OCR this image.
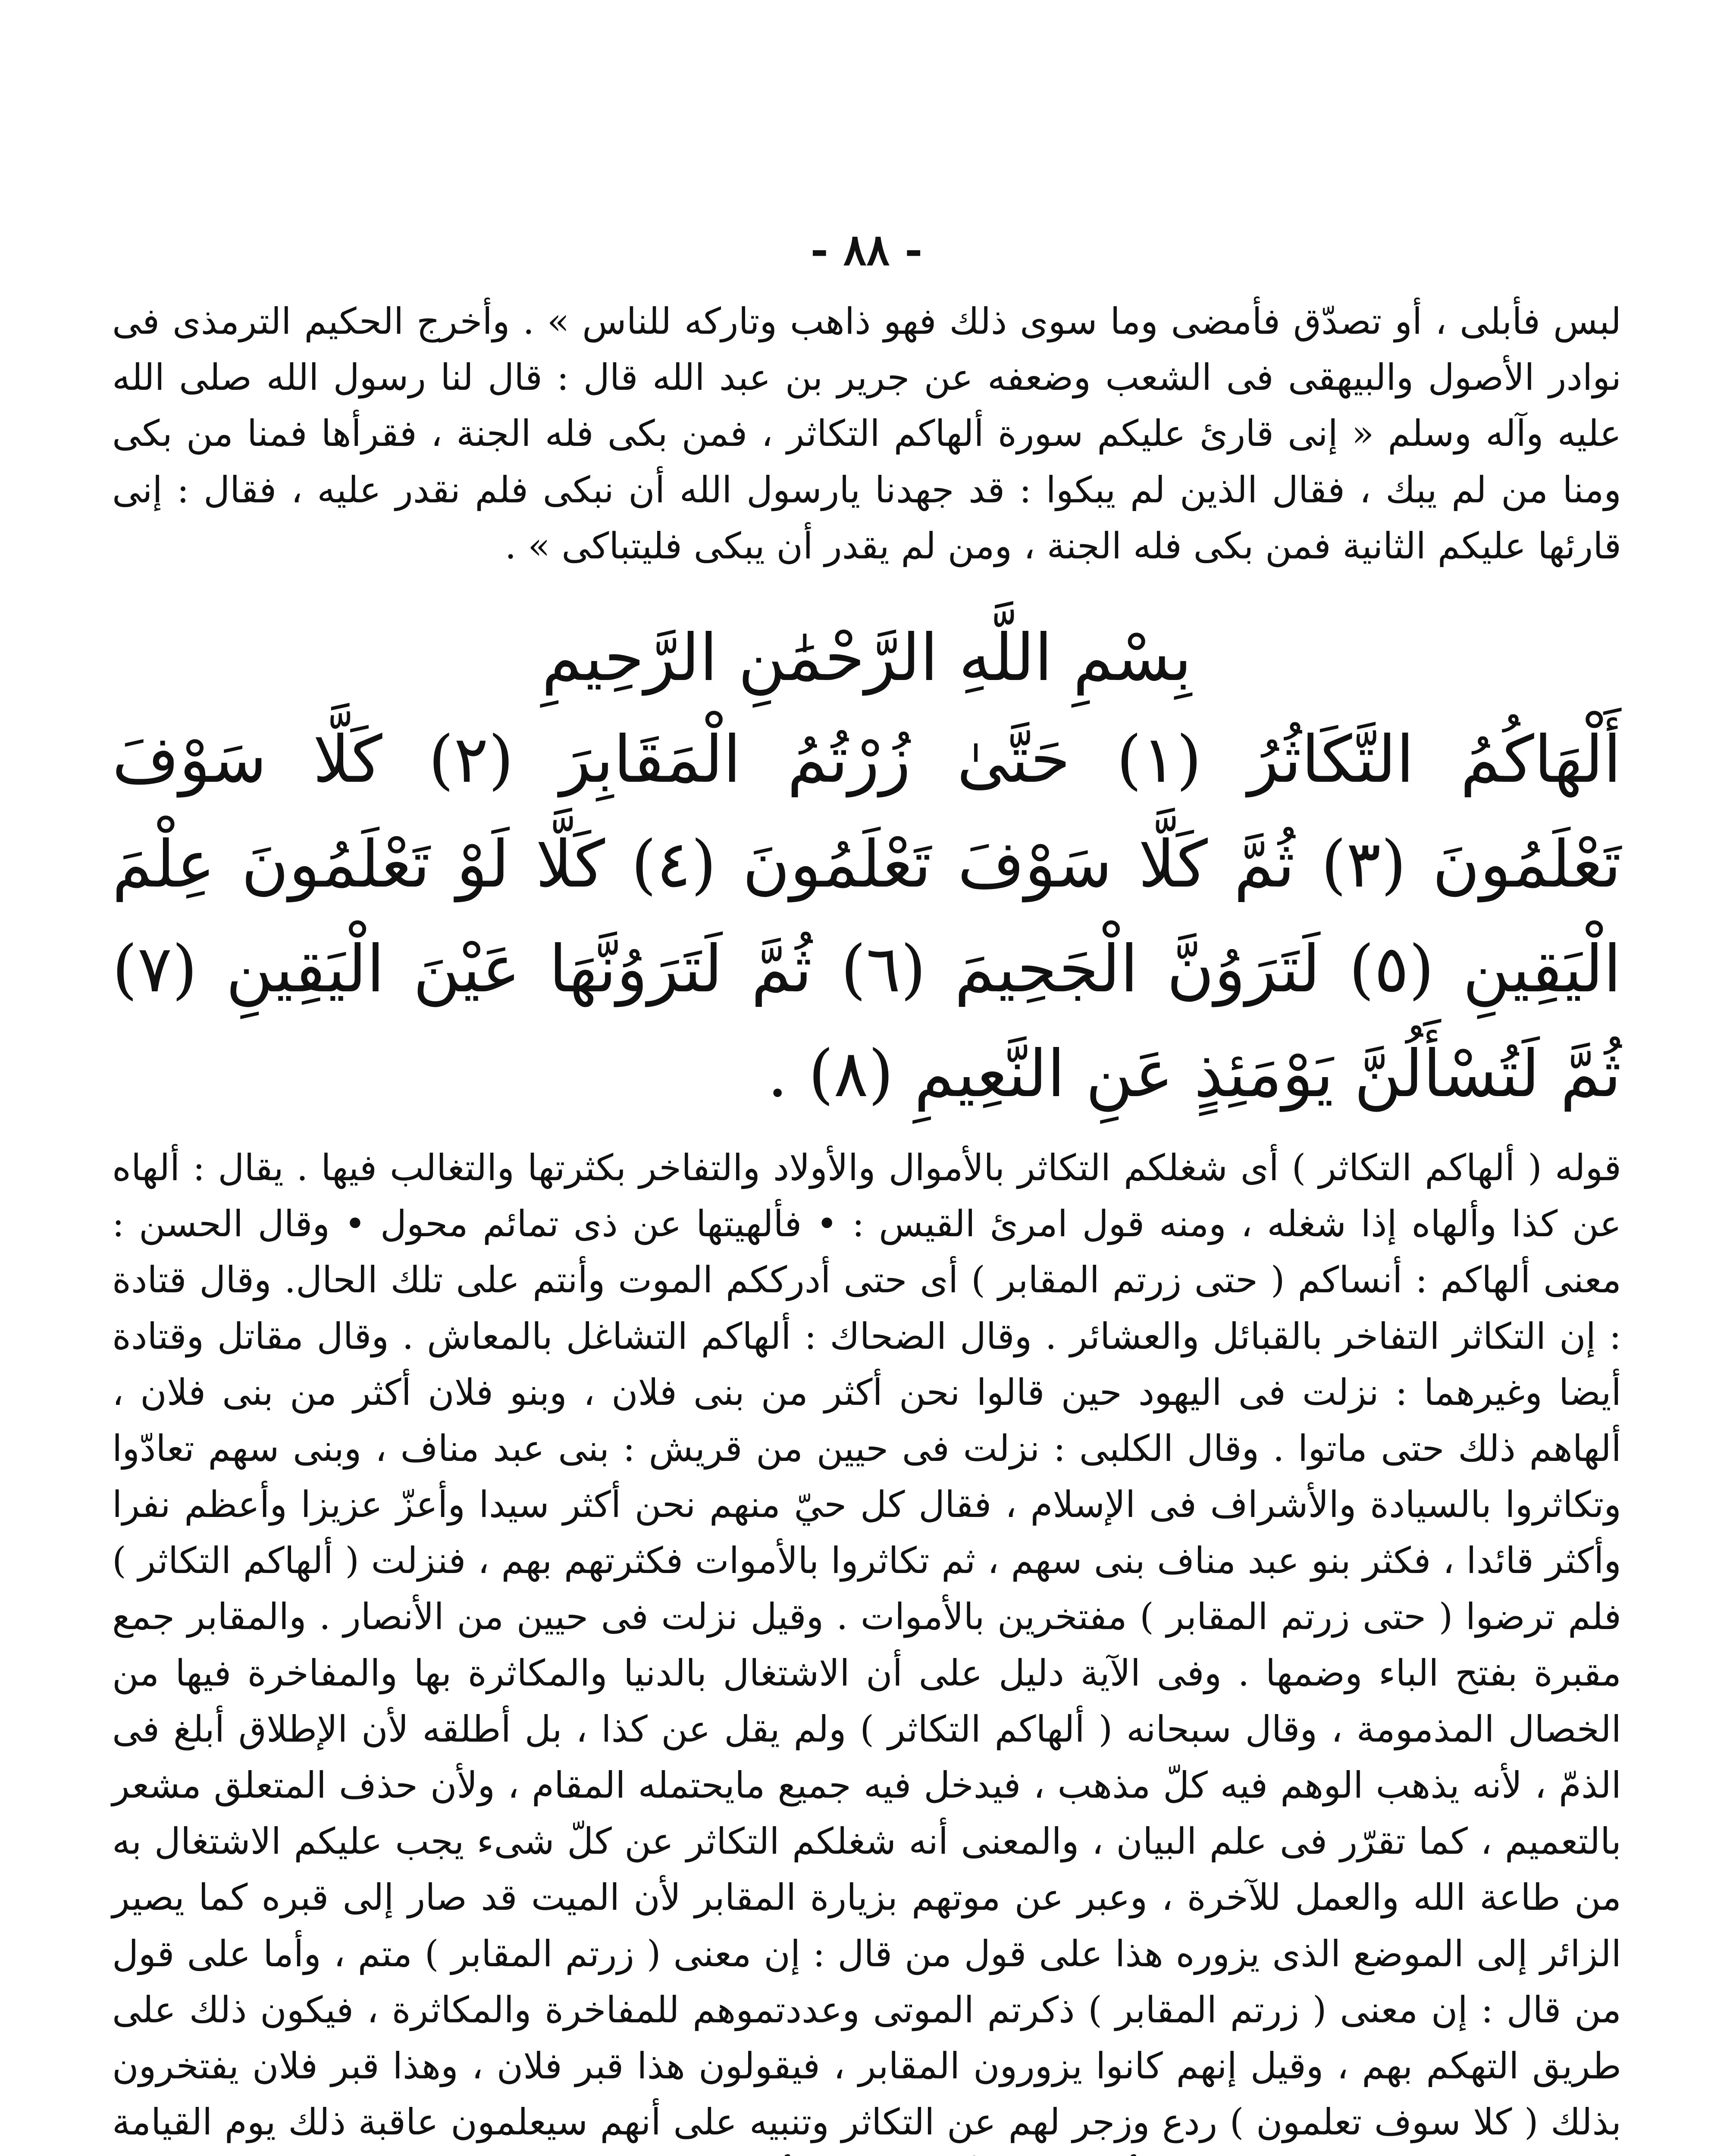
- ٨٨ -

لبس فأبلى ، أو تصدّق فأمضى وما سوى ذلك فهو ذاهب وتاركه للناس » . وأخرج الحكيم الترمذى فى نوادر الأصول والبيهقى فى الشعب وضعفه عن جرير بن عبد الله قال : قال لنا رسول الله صلى الله عليه وآله وسلم « إنى قارئ عليكم سورة ألهاكم التكاثر ، فمن بكى فله الجنة ، فقرأها فمنا من بكى ومنا من لم يبك ، فقال الذين لم يبكوا : قد جهدنا يارسول الله أن نبكى فلم نقدر عليه ، فقال : إنى قارئها عليكم الثانية فمن بكى فله الجنة ، ومن لم يقدر أن يبكى فليتباكى » .

بِسْمِ اللَّهِ الرَّحْمَٰنِ الرَّحِيمِ
أَلْهَاكُمُ التَّكَاثُرُ (١) حَتَّىٰ زُرْتُمُ الْمَقَابِرَ (٢) كَلَّا سَوْفَ تَعْلَمُونَ (٣) ثُمَّ كَلَّا سَوْفَ تَعْلَمُونَ (٤) كَلَّا لَوْ تَعْلَمُونَ عِلْمَ الْيَقِينِ (٥) لَتَرَوُنَّ الْجَحِيمَ (٦) ثُمَّ لَتَرَوُنَّهَا عَيْنَ الْيَقِينِ (٧) ثُمَّ لَتُسْأَلُنَّ يَوْمَئِذٍ عَنِ النَّعِيمِ (٨) .

قوله ( ألهاكم التكاثر ) أى شغلكم التكاثر بالأموال والأولاد والتفاخر بكثرتها والتغالب فيها . يقال : ألهاه عن كذا وألهاه إذا شغله ، ومنه قول امرئ القيس : • فألهيتها عن ذى تمائم محول • وقال الحسن : معنى ألهاكم : أنساكم ( حتى زرتم المقابر ) أى حتى أدرككم الموت وأنتم على تلك الحال. وقال قتادة : إن التكاثر التفاخر بالقبائل والعشائر . وقال الضحاك : ألهاكم التشاغل بالمعاش . وقال مقاتل وقتادة أيضا وغيرهما : نزلت فى اليهود حين قالوا نحن أكثر من بنى فلان ، وبنو فلان أكثر من بنى فلان ، ألهاهم ذلك حتى ماتوا . وقال الكلبى : نزلت فى حيين من قريش : بنى عبد مناف ، وبنى سهم تعادّوا وتكاثروا بالسيادة والأشراف فى الإسلام ، فقال كل حيّ منهم نحن أكثر سيدا وأعزّ عزيزا وأعظم نفرا وأكثر قائدا ، فكثر بنو عبد مناف بنى سهم ، ثم تكاثروا بالأموات فكثرتهم بهم ، فنزلت ( ألهاكم التكاثر ) فلم ترضوا ( حتى زرتم المقابر ) مفتخرين بالأموات . وقيل نزلت فى حيين من الأنصار . والمقابر جمع مقبرة بفتح الباء وضمها . وفى الآية دليل على أن الاشتغال بالدنيا والمكاثرة بها والمفاخرة فيها من الخصال المذمومة ، وقال سبحانه ( ألهاكم التكاثر ) ولم يقل عن كذا ، بل أطلقه لأن الإطلاق أبلغ فى الذمّ ، لأنه يذهب الوهم فيه كلّ مذهب ، فيدخل فيه جميع مايحتمله المقام ، ولأن حذف المتعلق مشعر بالتعميم ، كما تقرّر فى علم البيان ، والمعنى أنه شغلكم التكاثر عن كلّ شىء يجب عليكم الاشتغال به من طاعة الله والعمل للآخرة ، وعبر عن موتهم بزيارة المقابر لأن الميت قد صار إلى قبره كما يصير الزائر إلى الموضع الذى يزوره هذا على قول من قال : إن معنى ( زرتم المقابر ) متم ، وأما على قول من قال : إن معنى ( زرتم المقابر ) ذكرتم الموتى وعددتموهم للمفاخرة والمكاثرة ، فيكون ذلك على طريق التهكم بهم ، وقيل إنهم كانوا يزورون المقابر ، فيقولون هذا قبر فلان ، وهذا قبر فلان يفتخرون بذلك ( كلا سوف تعلمون ) ردع وزجر لهم عن التكاثر وتنبيه على أنهم سيعلمون عاقبة ذلك يوم القيامة
